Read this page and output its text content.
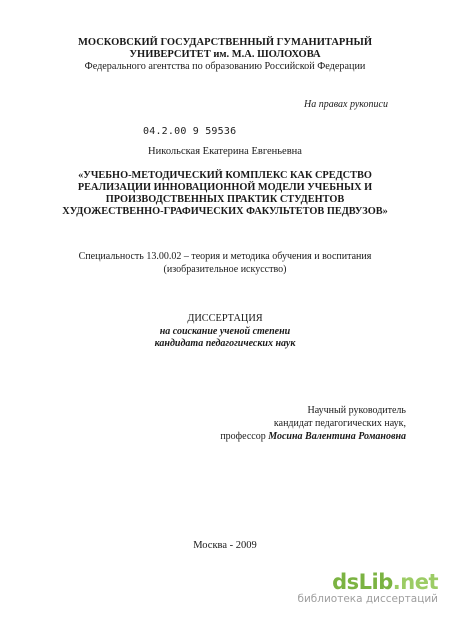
МОСКОВСКИЙ ГОСУДАРСТВЕННЫЙ ГУМАНИТАРНЫЙ
УНИВЕРСИТЕТ им. М.А. ШОЛОХОВА
Федерального агентства по образованию Российской Федерации
На правах рукописи
04.2.00 9 59536
Никольская Екатерина Евгеньевна
«УЧЕБНО-МЕТОДИЧЕСКИЙ КОМПЛЕКС КАК СРЕДСТВО
РЕАЛИЗАЦИИ ИННОВАЦИОННОЙ МОДЕЛИ УЧЕБНЫХ И
ПРОИЗВОДСТВЕННЫХ ПРАКТИК СТУДЕНТОВ
ХУДОЖЕСТВЕННО-ГРАФИЧЕСКИХ ФАКУЛЬТЕТОВ ПЕДВУЗОВ»
Специальность 13.00.02 – теория и методика обучения и воспитания
(изобразительное искусство)
ДИССЕРТАЦИЯ
на соискание ученой степени
кандидата педагогических наук
Научный руководитель
кандидат педагогических наук,
профессор Мосина Валентина Романовна
Москва - 2009
dsLib.net
библиотека диссертаций
